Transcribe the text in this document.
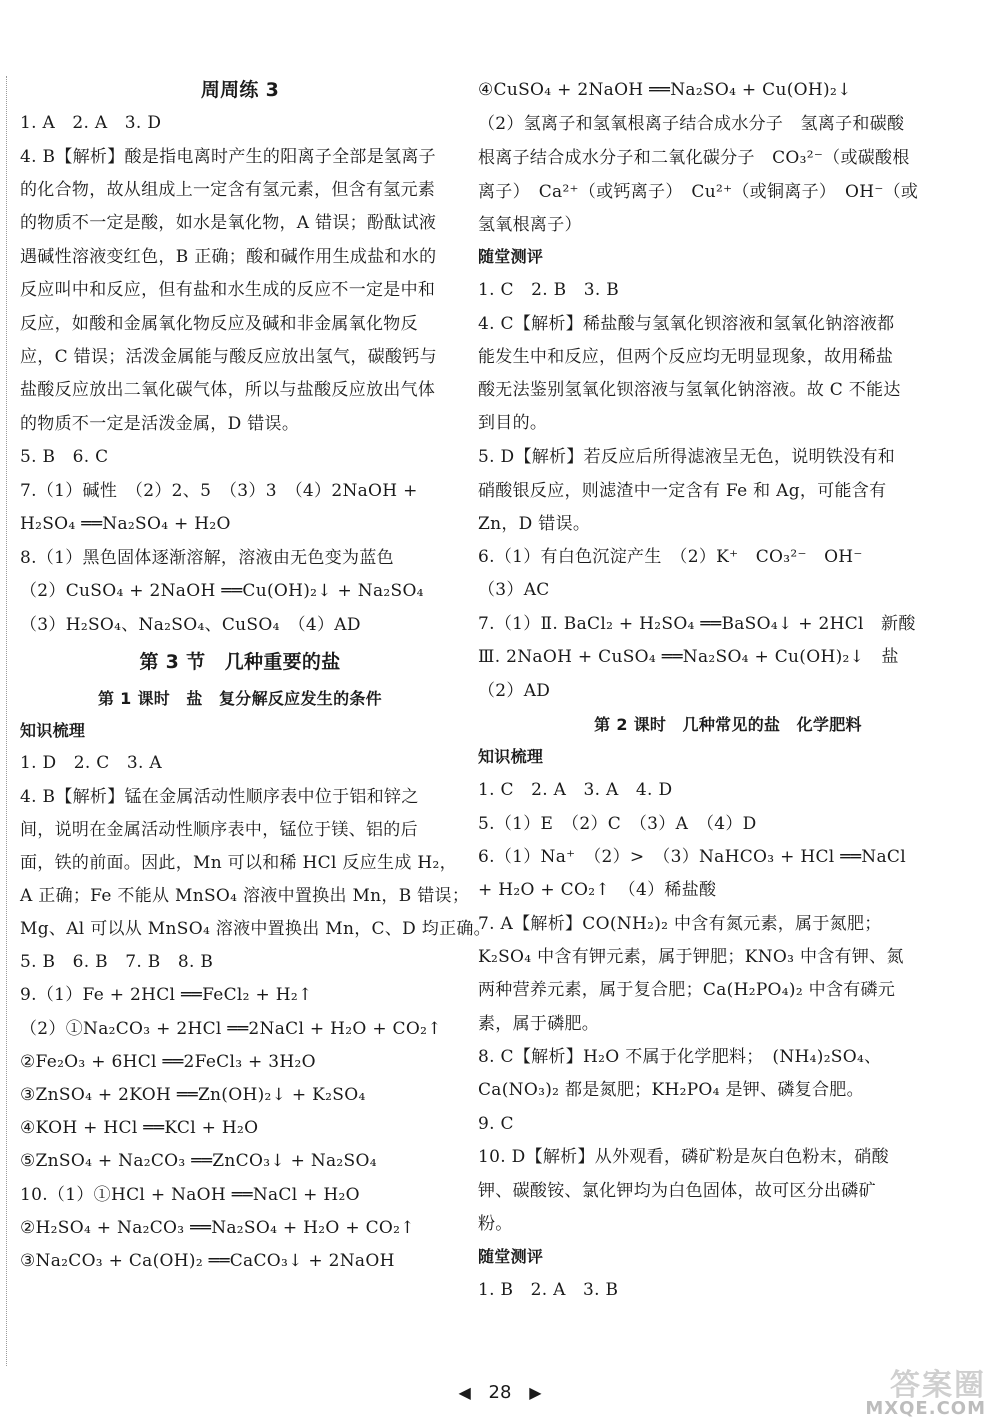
周周练 3
1. A　2. A　3. D
4. B【解析】酸是指电离时产生的阳离子全部是氢离子
的化合物，故从组成上一定含有氢元素，但含有氢元素
的物质不一定是酸，如水是氧化物，A 错误；酚酞试液
遇碱性溶液变红色，B 正确；酸和碱作用生成盐和水的
反应叫中和反应，但有盐和水生成的反应不一定是中和
反应，如酸和金属氧化物反应及碱和非金属氧化物反
应，C 错误；活泼金属能与酸反应放出氢气，碳酸钙与
盐酸反应放出二氧化碳气体，所以与盐酸反应放出气体
的物质不一定是活泼金属，D 错误。
5. B　6. C
7.（1）碱性　（2）2、5　（3）3　（4）2NaOH +
H₂SO₄ ══Na₂SO₄ + H₂O
8.（1）黑色固体逐渐溶解，溶液由无色变为蓝色
（2）CuSO₄ + 2NaOH ══Cu(OH)₂↓ + Na₂SO₄
（3）H₂SO₄、Na₂SO₄、CuSO₄　（4）AD
第 3 节　几种重要的盐
第 1 课时　盐　复分解反应发生的条件
知识梳理
1. D　2. C　3. A
4. B【解析】锰在金属活动性顺序表中位于铝和锌之
间，说明在金属活动性顺序表中，锰位于镁、铝的后
面，铁的前面。因此，Mn 可以和稀 HCl 反应生成 H₂，
A 正确；Fe 不能从 MnSO₄ 溶液中置换出 Mn，B 错误；
Mg、Al 可以从 MnSO₄ 溶液中置换出 Mn，C、D 均正确。
5. B　6. B　7. B　8. B
9.（1）Fe + 2HCl ══FeCl₂ + H₂↑
（2）①Na₂CO₃ + 2HCl ══2NaCl + H₂O + CO₂↑
②Fe₂O₃ + 6HCl ══2FeCl₃ + 3H₂O
③ZnSO₄ + 2KOH ══Zn(OH)₂↓ + K₂SO₄
④KOH + HCl ══KCl + H₂O
⑤ZnSO₄ + Na₂CO₃ ══ZnCO₃↓ + Na₂SO₄
10.（1）①HCl + NaOH ══NaCl + H₂O
②H₂SO₄ + Na₂CO₃ ══Na₂SO₄ + H₂O + CO₂↑
③Na₂CO₃ + Ca(OH)₂ ══CaCO₃↓ + 2NaOH
④CuSO₄ + 2NaOH ══Na₂SO₄ + Cu(OH)₂↓
（2）氢离子和氢氧根离子结合成水分子　氢离子和碳酸
根离子结合成水分子和二氧化碳分子　CO₃²⁻（或碳酸根
离子）　Ca²⁺（或钙离子）　Cu²⁺（或铜离子）　OH⁻（或
氢氧根离子）
随堂测评
1. C　2. B　3. B
4. C【解析】稀盐酸与氢氧化钡溶液和氢氧化钠溶液都
能发生中和反应，但两个反应均无明显现象，故用稀盐
酸无法鉴别氢氧化钡溶液与氢氧化钠溶液。故 C 不能达
到目的。
5. D【解析】若反应后所得滤液呈无色，说明铁没有和
硝酸银反应，则滤渣中一定含有 Fe 和 Ag，可能含有
Zn，D 错误。
6.（1）有白色沉淀产生　（2）K⁺　CO₃²⁻　OH⁻
（3）AC
7.（1）Ⅱ. BaCl₂ + H₂SO₄ ══BaSO₄↓ + 2HCl　新酸
Ⅲ. 2NaOH + CuSO₄ ══Na₂SO₄ + Cu(OH)₂↓　盐
（2）AD
第 2 课时　几种常见的盐　化学肥料
知识梳理
1. C　2. A　3. A　4. D
5.（1）E　（2）C　（3）A　（4）D
6.（1）Na⁺　（2）>　（3）NaHCO₃ + HCl ══NaCl
+ H₂O + CO₂↑　（4）稀盐酸
7. A【解析】CO(NH₂)₂ 中含有氮元素，属于氮肥；
K₂SO₄ 中含有钾元素，属于钾肥；KNO₃ 中含有钾、氮
两种营养元素，属于复合肥；Ca(H₂PO₄)₂ 中含有磷元
素，属于磷肥。
8. C【解析】H₂O 不属于化学肥料；　(NH₄)₂SO₄、
Ca(NO₃)₂ 都是氮肥；KH₂PO₄ 是钾、磷复合肥。
9. C
10. D【解析】从外观看，磷矿粉是灰白色粉末，硝酸
钾、碳酸铵、氯化钾均为白色固体，故可区分出磷矿
粉。
随堂测评
1. B　2. A　3. B
◀ 28 ▶	答案圈
MXQE.COM
